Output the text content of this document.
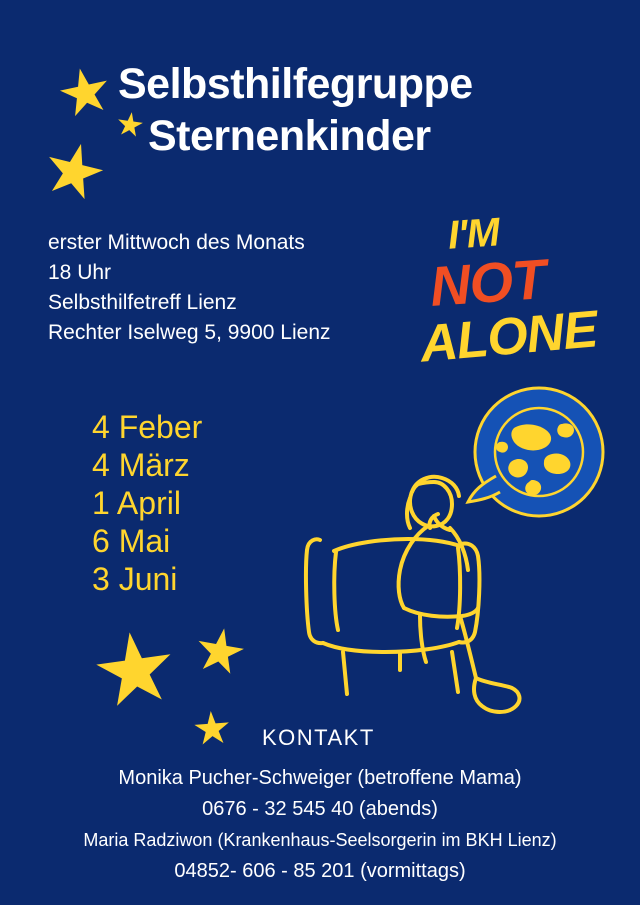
Selbsthilfegruppe
Sternenkinder
erster Mittwoch des Monats
18 Uhr
Selbsthilfetreff Lienz
Rechter Iselweg 5, 9900 Lienz
I'M
NOT
ALONE
4 Feber
4 März
1 April
6 Mai
3 Juni
KONTAKT
Monika Pucher-Schweiger (betroffene Mama)
0676 - 32 545 40 (abends)
Maria Radziwon (Krankenhaus-Seelsorgerin im BKH Lienz)
04852- 606 - 85 201 (vormittags)
